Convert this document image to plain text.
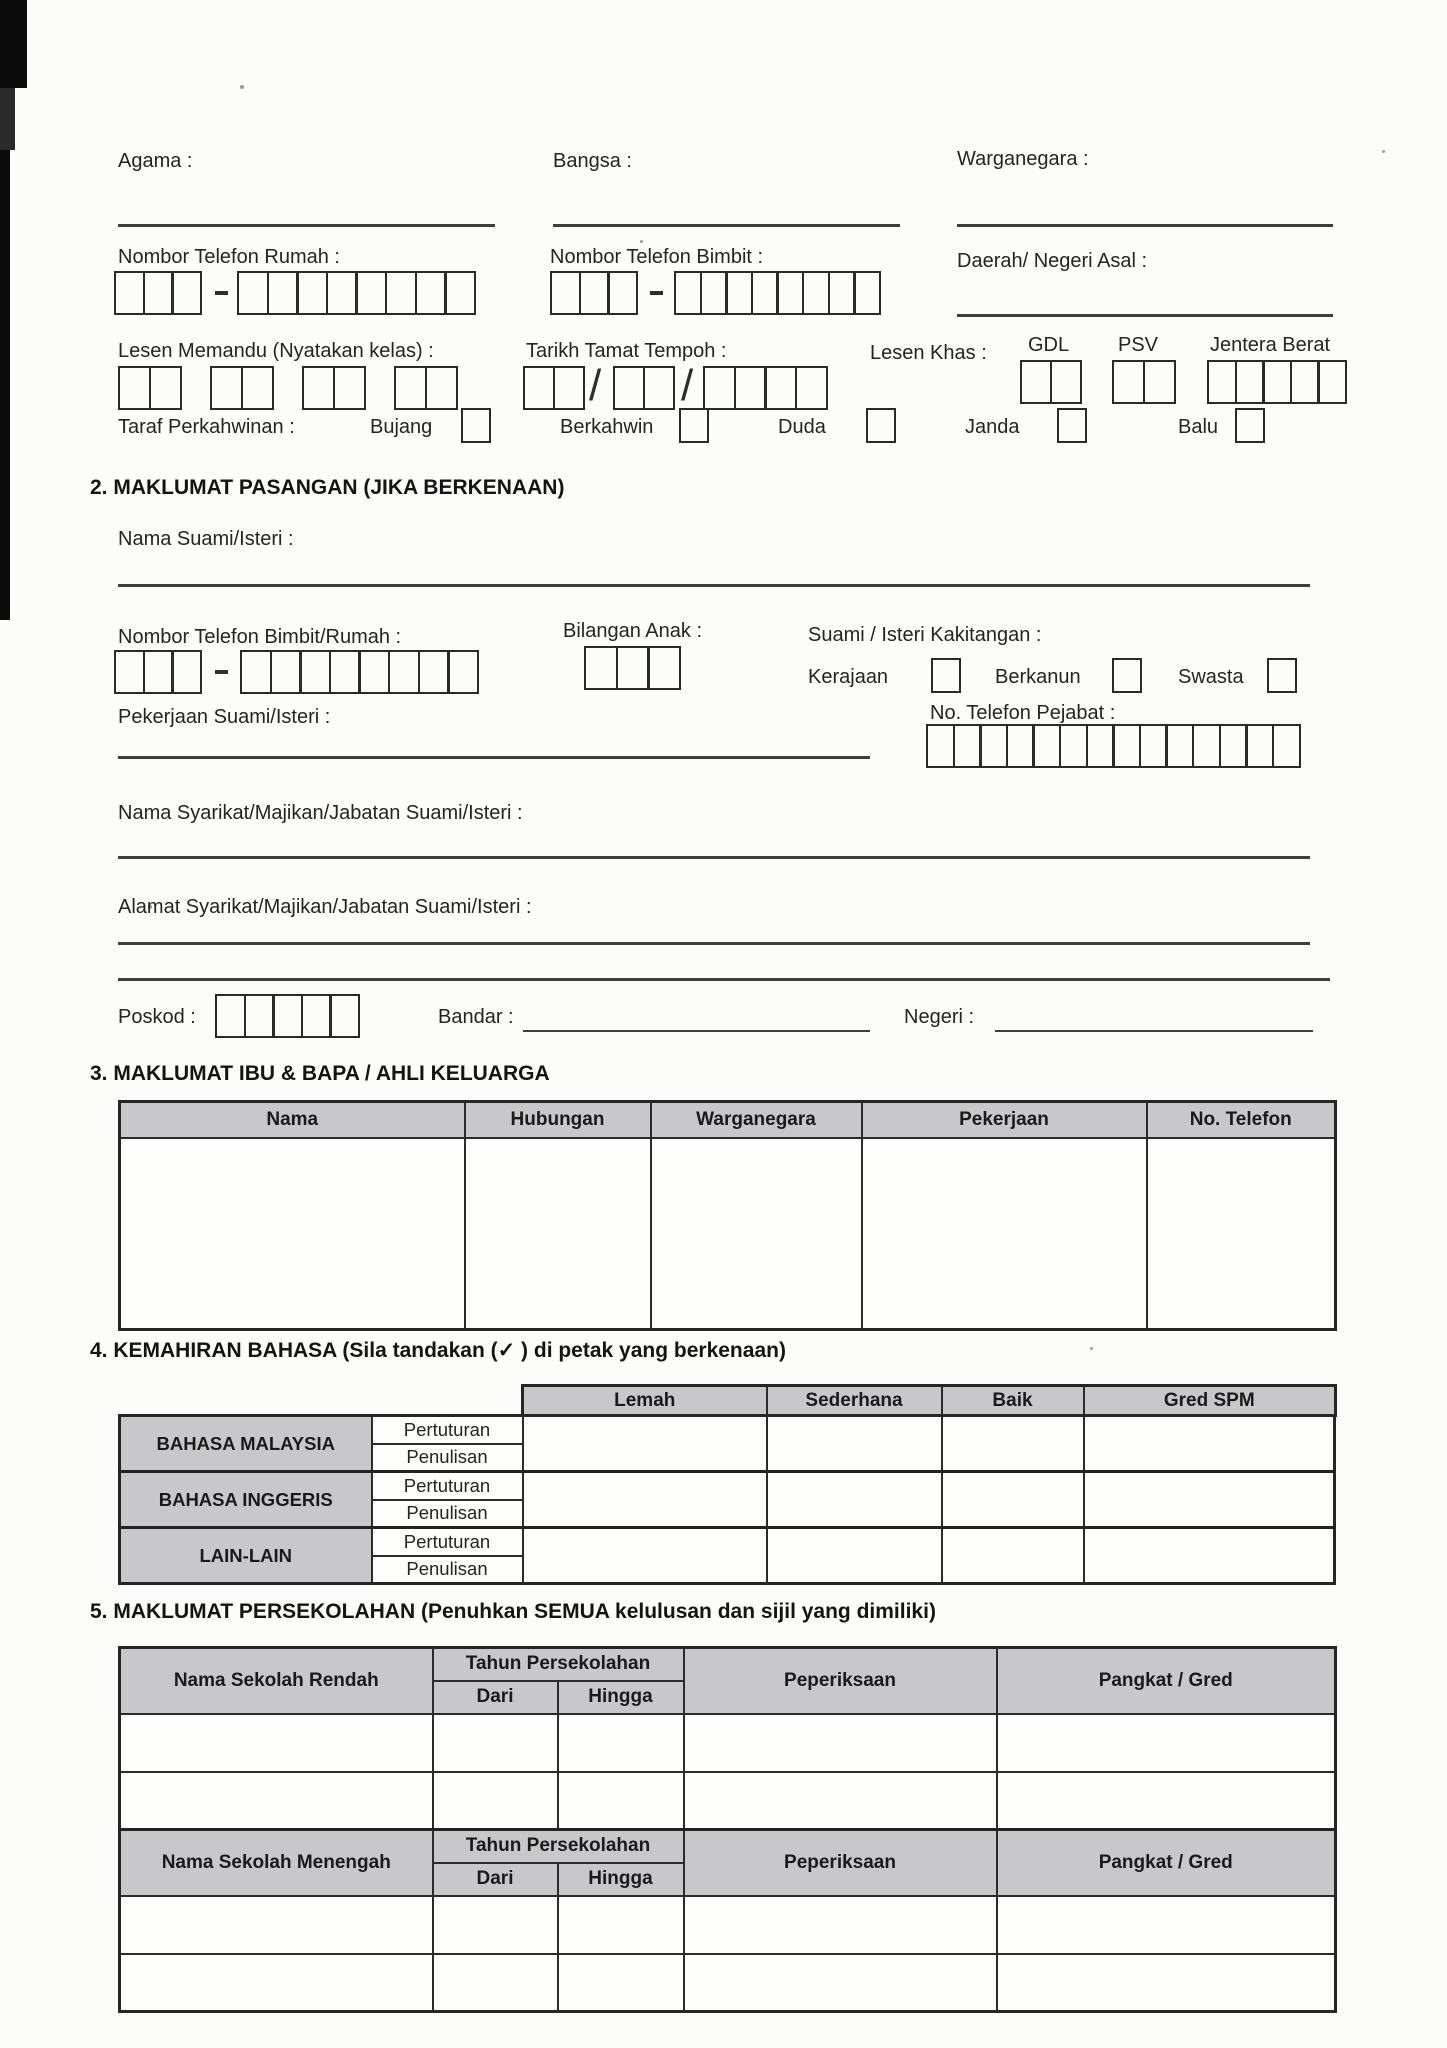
Agama :	Bangsa :	Warganegara :
Nombor Telefon Rumah :	Nombor Telefon Bimbit :	Daerah/ Negeri Asal :
Lesen Memandu (Nyatakan kelas) :	Tarikh Tamat Tempoh :	Lesen Khas : GDL PSV	Jentera Berat
/ /
Taraf Perkahwinan :	Bujang	Berkahwin	Duda	Janda	Balu
2. MAKLUMAT PASANGAN (JIKA BERKENAAN)
Nama Suami/Isteri :
Nombor Telefon Bimbit/Rumah :	Bilangan Anak :	Suami / Isteri Kakitangan :
Kerajaan	Berkanun	Swasta
Pekerjaan Suami/Isteri :	No. Telefon Pejabat :
Nama Syarikat/Majikan/Jabatan Suami/Isteri :
Alamat Syarikat/Majikan/Jabatan Suami/Isteri :
Poskod :	Bandar :	Negeri :
3. MAKLUMAT IBU & BAPA / AHLI KELUARGA
Nama	Hubungan	Warganegara	Pekerjaan	No. Telefon

4. KEMAHIRAN BAHASA (Sila tandakan (✓ ) di petak yang berkenaan)
Lemah	Sederhana	Baik	Gred SPM
BAHASA MALAYSIA	Pertuturan				
	Penulisan				
BAHASA INGGERIS	Pertuturan				
	Penulisan				
LAIN-LAIN	Pertuturan				
	Penulisan				
5. MAKLUMAT PERSEKOLAHAN (Penuhkan SEMUA kelulusan dan sijil yang dimiliki)
Nama Sekolah Rendah	Tahun Persekolahan		Peperiksaan	Pangkat / Gred
	Dari	Hingga		

Nama Sekolah Menengah	Tahun Persekolahan		Peperiksaan	Pangkat / Gred
	Dari	Hingga		
